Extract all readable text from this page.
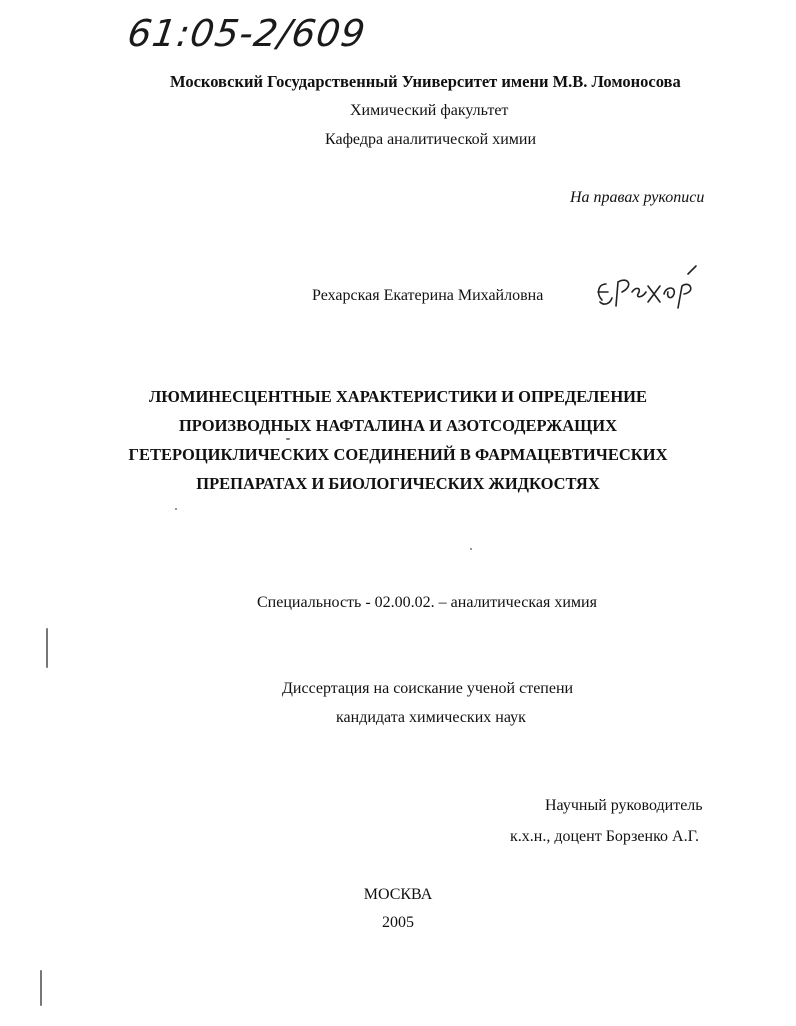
61:05-2/609
Московский Государственный Университет имени М.В. Ломоносова
Химический факультет
Кафедра аналитической химии
На правах рукописи
Рехарская Екатерина Михайловна
ЛЮМИНЕСЦЕНТНЫЕ ХАРАКТЕРИСТИКИ И ОПРЕДЕЛЕНИЕ
ПРОИЗВОДНЫХ НАФТАЛИНА И АЗОТСОДЕРЖАЩИХ
ГЕТЕРОЦИКЛИЧЕСКИХ СОЕДИНЕНИЙ В ФАРМАЦЕВТИЧЕСКИХ
ПРЕПАРАТАХ И БИОЛОГИЧЕСКИХ ЖИДКОСТЯХ
Специальность - 02.00.02. – аналитическая химия
Диссертация на соискание ученой степени
кандидата химических наук
Научный руководитель
к.х.н., доцент Борзенко А.Г.
МОСКВА
2005
